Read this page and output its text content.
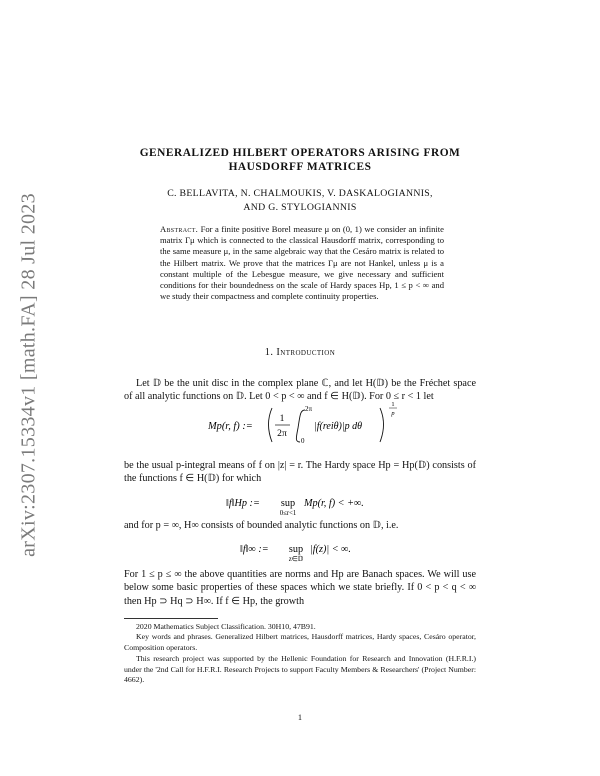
arXiv:2307.15334v1 [math.FA] 28 Jul 2023
GENERALIZED HILBERT OPERATORS ARISING FROM
HAUSDORFF MATRICES
C. BELLAVITA, N. CHALMOUKIS, V. DASKALOGIANNIS,
AND G. STYLOGIANNIS
Abstract. For a finite positive Borel measure μ on (0, 1) we consider an infinite matrix Γμ which is connected to the classical Hausdorff matrix, corresponding to the same measure μ, in the same algebraic way that the Cesáro matrix is related to the Hilbert matrix. We prove that the matrices Γμ are not Hankel, unless μ is a constant multiple of the Lebesgue measure, we give necessary and sufficient conditions for their boundedness on the scale of Hardy spaces Hp, 1 ≤ p < ∞ and we study their compactness and complete continuity properties.
1. Introduction
Let 𝔻 be the unit disc in the complex plane ℂ, and let H(𝔻) be the Fréchet space of all analytic functions on 𝔻. Let 0 < p < ∞ and f ∈ H(𝔻). For 0 ≤ r < 1 let
Mp(r, f) :=
1
2π
2π
0
|f(reiθ)|p dθ
1
p
be the usual p-integral means of f on |z| = r. The Hardy space Hp = Hp(𝔻) consists of the functions f ∈ H(𝔻) for which
‖f‖Hp := sup
0≤r<1
Mp(r, f) < +∞.
and for p = ∞, H∞ consists of bounded analytic functions on 𝔻, i.e.
‖f‖∞ := sup
z∈𝔻
|f(z)| < ∞.
For 1 ≤ p ≤ ∞ the above quantities are norms and Hp are Banach spaces. We will use below some basic properties of these spaces which we state briefly. If 0 < p < q < ∞ then Hp ⊃ Hq ⊃ H∞. If f ∈ Hp, the growth

2020 Mathematics Subject Classification. 30H10, 47B91.

Key words and phrases. Generalized Hilbert matrices, Hausdorff matrices, Hardy spaces, Cesáro operator, Composition operators.

This research project was supported by the Hellenic Foundation for Research and Innovation (H.F.R.I.) under the '2nd Call for H.F.R.I. Research Projects to support Faculty Members & Researchers' (Project Number: 4662).

1
